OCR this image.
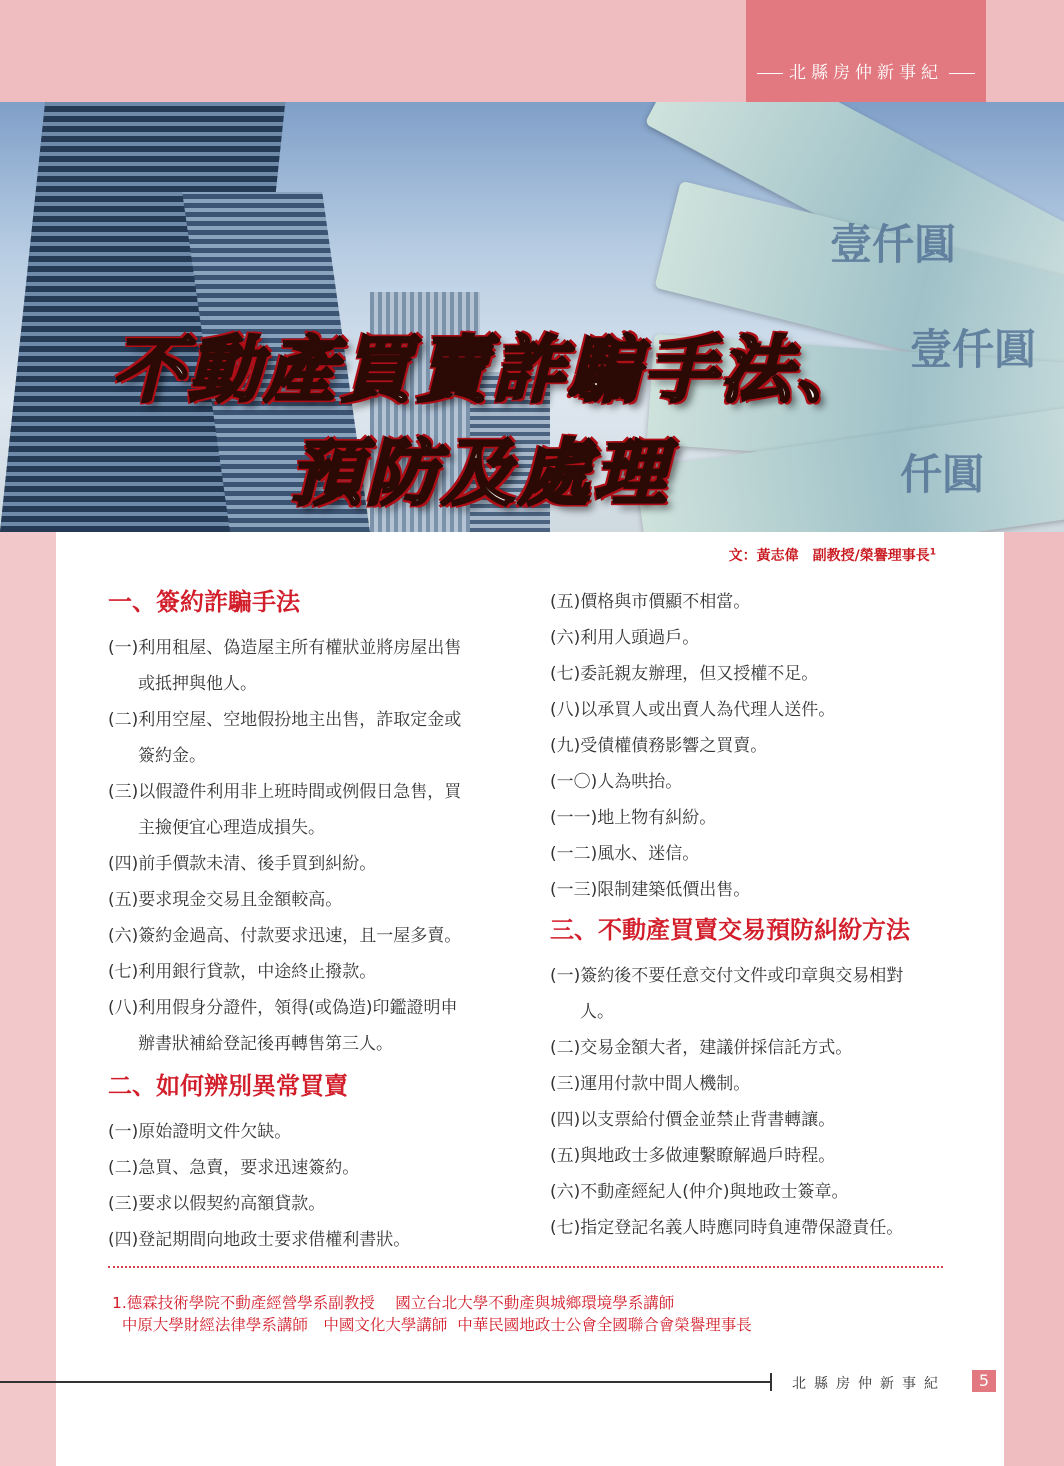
北縣房仲新事紀
壹仟圓
壹仟圓
仟圓
不動產買賣詐騙手法、
預防及處理
文：黃志偉　副教授/榮譽理事長$^1$
一、簽約詐騙手法

(一)利用租屋、偽造屋主所有權狀並將房屋出售
或抵押與他人。

(二)利用空屋、空地假扮地主出售，詐取定金或
簽約金。

(三)以假證件利用非上班時間或例假日急售，買
主撿便宜心理造成損失。

(四)前手價款未清、後手買到糾紛。

(五)要求現金交易且金額較高。

(六)簽約金過高、付款要求迅速，且一屋多賣。

(七)利用銀行貸款，中途終止撥款。

(八)利用假身分證件，領得(或偽造)印鑑證明申
辦書狀補給登記後再轉售第三人。

二、如何辨別異常買賣

(一)原始證明文件欠缺。

(二)急買、急賣，要求迅速簽約。

(三)要求以假契約高額貸款。

(四)登記期間向地政士要求借權利書狀。

(五)價格與市價顯不相當。

(六)利用人頭過戶。

(七)委託親友辦理，但又授權不足。

(八)以承買人或出賣人為代理人送件。

(九)受債權債務影響之買賣。

(一〇)人為哄抬。

(一一)地上物有糾紛。

(一二)風水、迷信。

(一三)限制建築低價出售。

三、不動產買賣交易預防糾紛方法

(一)簽約後不要任意交付文件或印章與交易相對
人。

(二)交易金額大者，建議併採信託方式。

(三)運用付款中間人機制。

(四)以支票給付價金並禁止背書轉讓。

(五)與地政士多做連繫瞭解過戶時程。

(六)不動產經紀人(仲介)與地政士簽章。

(七)指定登記名義人時應同時負連帶保證責任。

1.德霖技術學院不動產經營學系副教授　 國立台北大學不動產與城鄉環境學系講師
中原大學財經法律學系講師　中國文化大學講師  中華民國地政士公會全國聯合會榮譽理事長
北縣房仲新事紀	5
